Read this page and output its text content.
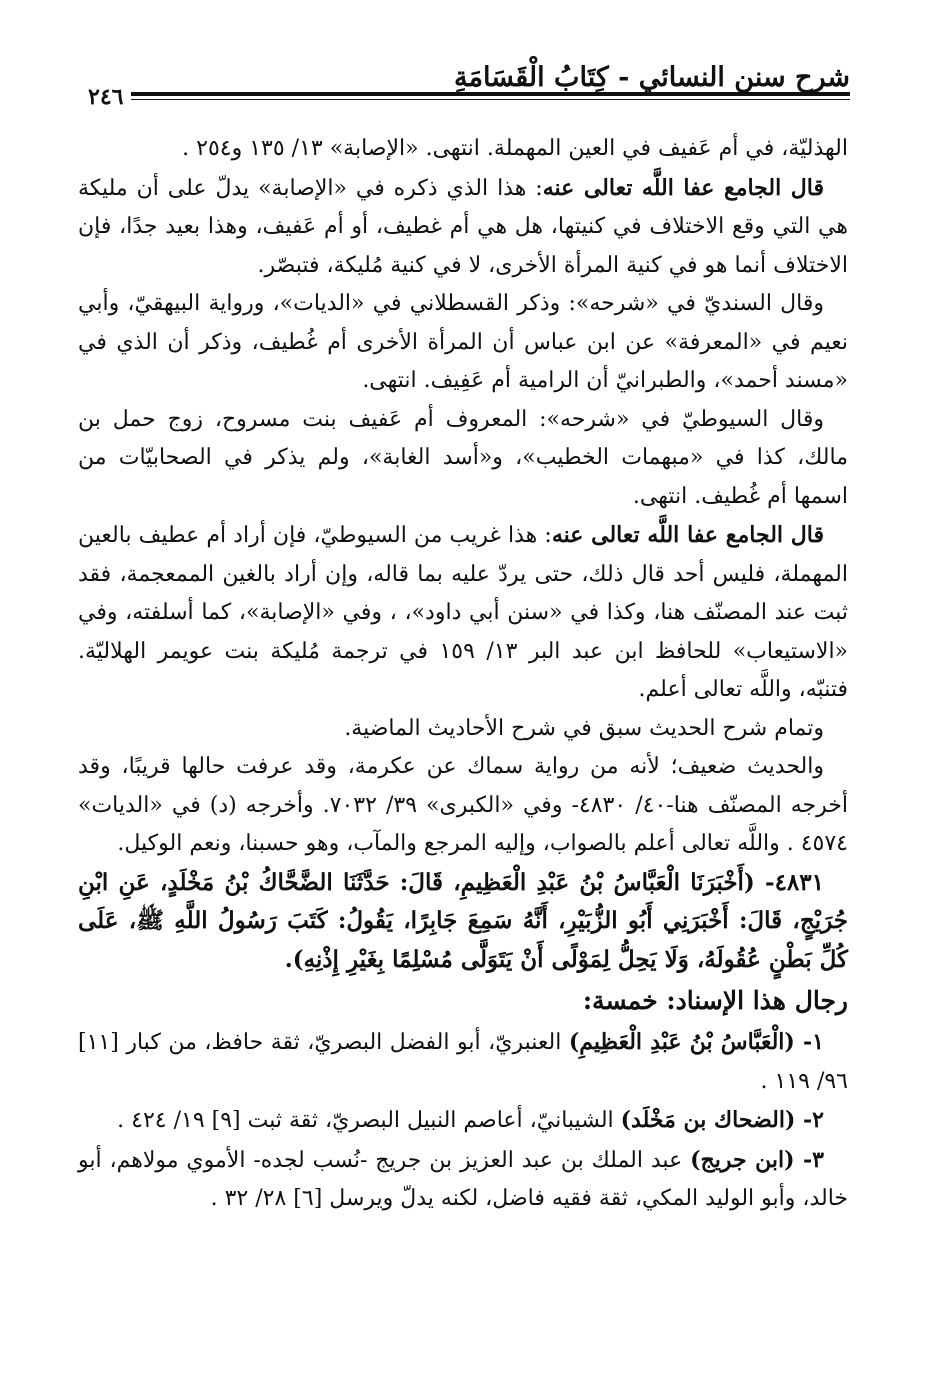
شرح سنن النسائي - كِتَابُ الْقَسَامَةِ
٢٤٦

الهذليّة، في أم عَفيف في العين المهملة. انتهى. «الإصابة» ١٣/ ١٣٥ و٢٥٤ .

قال الجامع عفا اللَّه تعالى عنه: هذا الذي ذكره في «الإصابة» يدلّ على أن مليكة هي التي وقع الاختلاف في كنيتها، هل هي أم غطيف، أو أم عَفيف، وهذا بعيد جدًا، فإن الاختلاف أنما هو في كنية المرأة الأخرى، لا في كنية مُليكة، فتبصّر.

وقال السنديّ في «شرحه»: وذكر القسطلاني في «الديات»، ورواية البيهقيّ، وأبي نعيم في «المعرفة» عن ابن عباس أن المرأة الأخرى أم غُطيف، وذكر أن الذي في «مسند أحمد»، والطبرانيّ أن الرامية أم عَفِيف. انتهى.

وقال السيوطيّ في «شرحه»: المعروف أم عَفيف بنت مسروح، زوج حمل بن مالك، كذا في «مبهمات الخطيب»، و«أسد الغابة»، ولم يذكر في الصحابيّات من اسمها أم غُطيف. انتهى.

قال الجامع عفا اللَّه تعالى عنه: هذا غريب من السيوطيّ، فإن أراد أم عطيف بالعين المهملة، فليس أحد قال ذلك، حتى يردّ عليه بما قاله، وإن أراد بالغين الممعجمة، فقد ثبت عند المصنّف هنا، وكذا في «سنن أبي داود»، ، وفي «الإصابة»، كما أسلفته، وفي «الاستيعاب» للحافظ ابن عبد البر ١٣/ ١٥٩ في ترجمة مُليكة بنت عويمر الهلاليّة. فتنبّه، واللَّه تعالى أعلم.

وتمام شرح الحديث سبق في شرح الأحاديث الماضية.

والحديث ضعيف؛ لأنه من رواية سماك عن عكرمة، وقد عرفت حالها قريبًا، وقد أخرجه المصنّف هنا-٤٠/ ٤٨٣٠- وفي «الكبرى» ٣٩/ ٧٠٣٢. وأخرجه (د) في «الديات» ٤٥٧٤ . واللَّه تعالى أعلم بالصواب، وإليه المرجع والمآب، وهو حسبنا، ونعم الوكيل.

٤٨٣١- (أَخْبَرَنَا الْعَبَّاسُ بْنُ عَبْدِ الْعَظِيمِ، قَالَ: حَدَّثَنَا الضَّحَّاكُ بْنُ مَخْلَدٍ، عَنِ ابْنِ جُرَيْجٍ، قَالَ: أَخْبَرَنِي أَبُو الزُّبَيْرِ، أَنَّهُ سَمِعَ جَابِرًا، يَقُولُ: كَتَبَ رَسُولُ اللَّهِ ﷺ، عَلَى كُلِّ بَطْنٍ عُقُولَهُ، وَلَا يَحِلُّ لِمَوْلًى أَنْ يَتَوَلَّى مُسْلِمًا بِغَيْرِ إِذْنِهِ).

رجال هذا الإسناد: خمسة:

١- (الْعَبَّاسُ بْنُ عَبْدِ الْعَظِيمِ) العنبريّ، أبو الفضل البصريّ، ثقة حافظ، من كبار [١١] ٩٦/ ١١٩ .

٢- (الضحاك بن مَخْلَد) الشيبانيّ، أعاصم النبيل البصريّ، ثقة ثبت [٩] ١٩/ ٤٢٤ .

٣- (ابن جريج) عبد الملك بن عبد العزيز بن جريج -نُسب لجده- الأموي مولاهم، أبو خالد، وأبو الوليد المكي، ثقة فقيه فاضل، لكنه يدلّ ويرسل [٦] ٢٨/ ٣٢ .
